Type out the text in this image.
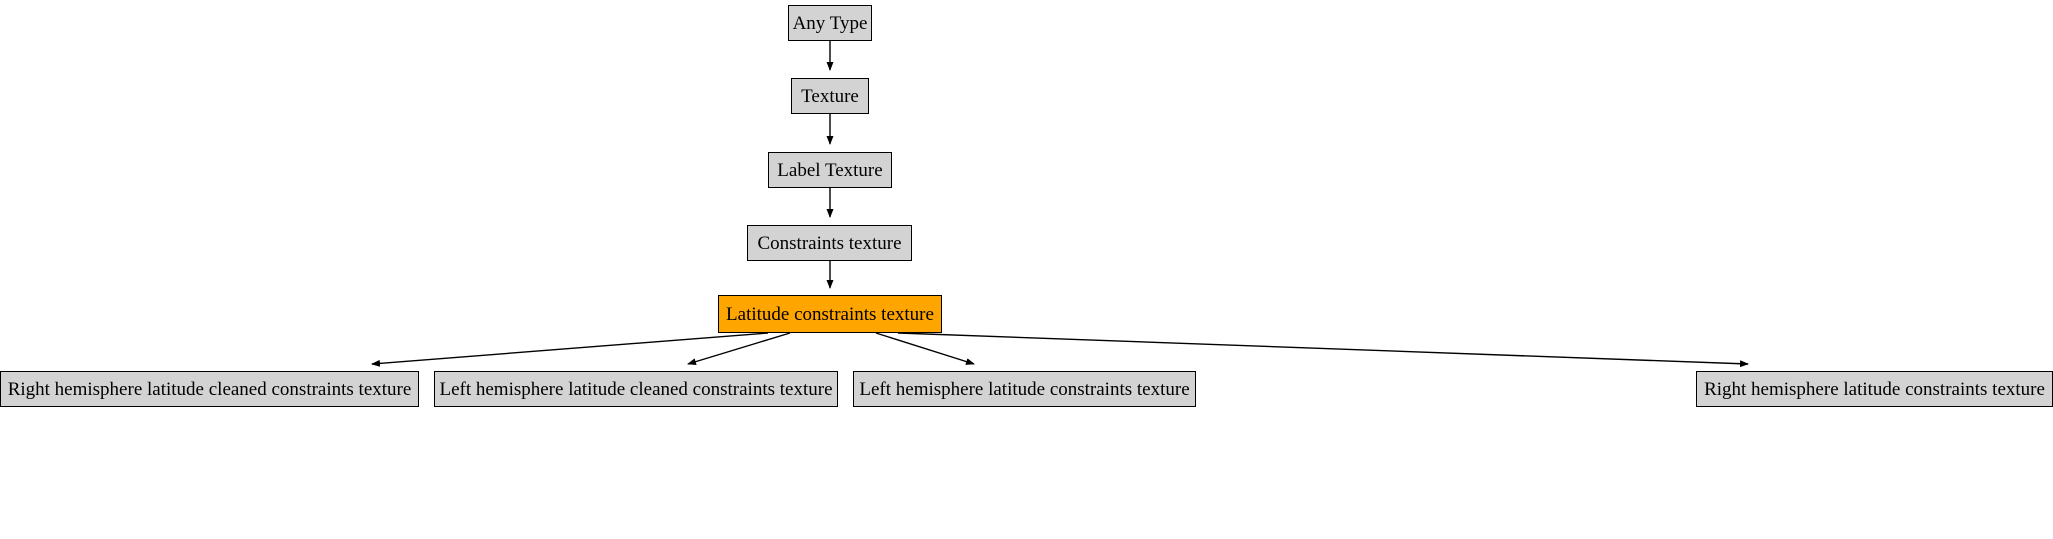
Any Type
Texture
Label Texture
Constraints texture
Latitude constraints texture
Right hemisphere latitude cleaned constraints texture Left hemisphere latitude cleaned constraints texture Left hemisphere latitude constraints texture	Right hemisphere latitude constraints texture
